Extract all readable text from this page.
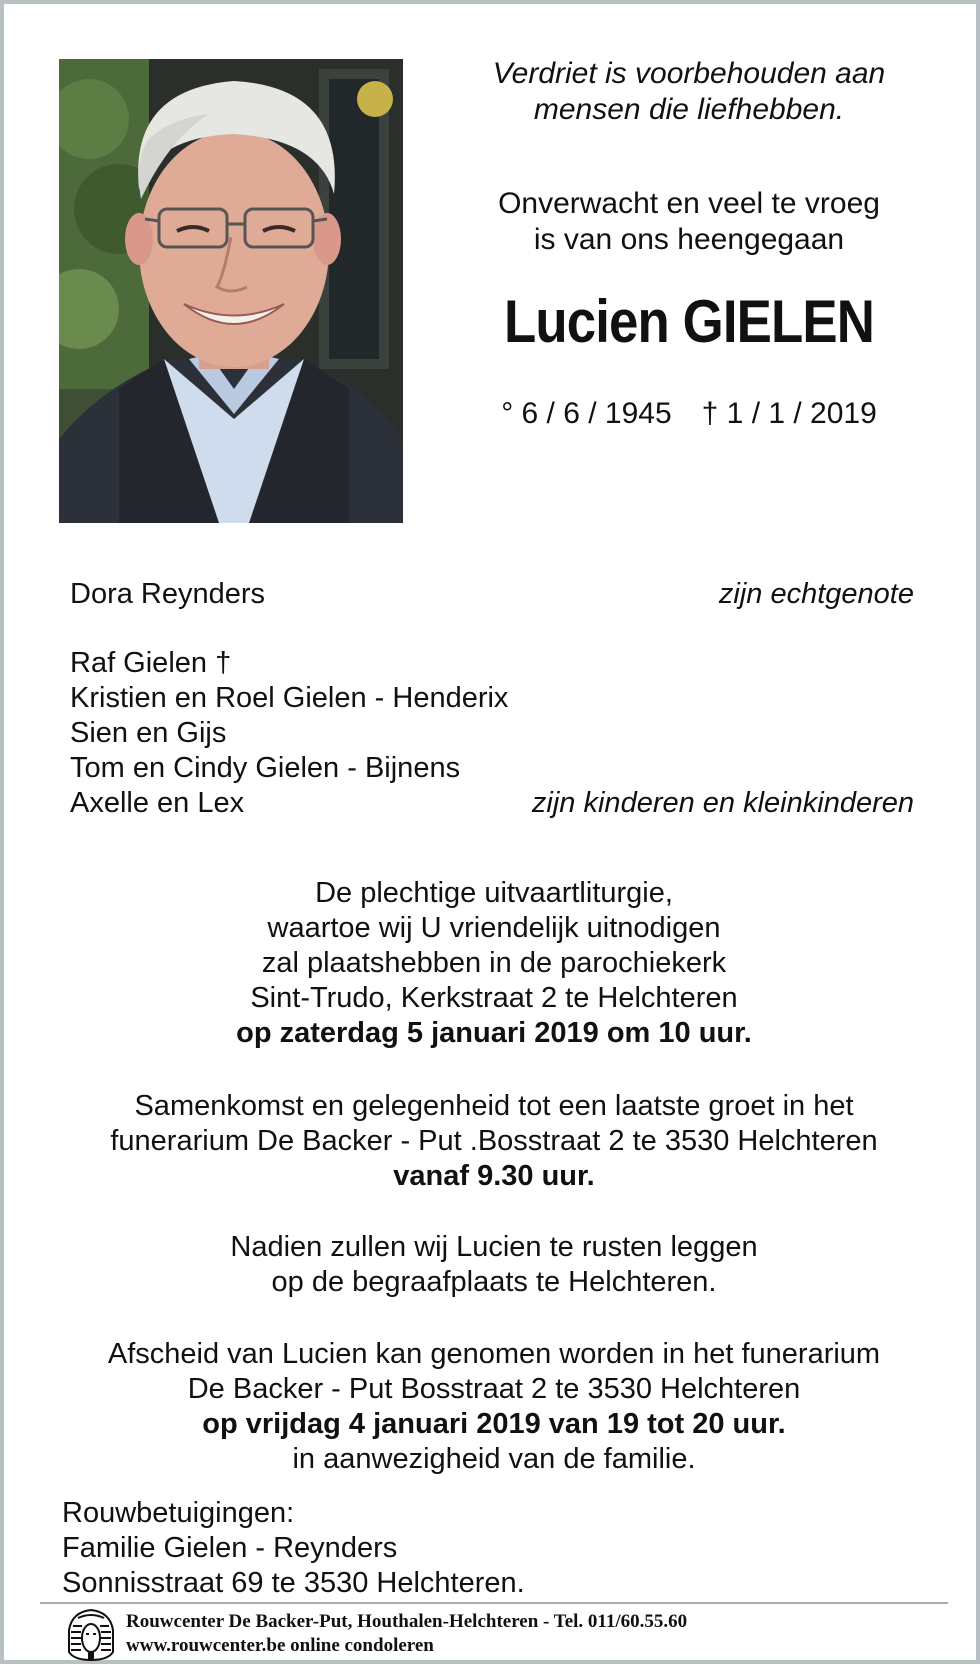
Verdriet is voorbehouden aan
mensen die liefhebben.
Onverwacht en veel te vroeg
is van ons heengegaan
Lucien GIELEN
° 6 / 6 / 1945 † 1 / 1 / 2019
Dora Reynders	zijn echtgenote
Raf Gielen †
Kristien en Roel Gielen - Henderix
Sien en Gijs
Tom en Cindy Gielen - Bijnens
Axelle en Lex	zijn kinderen en kleinkinderen
De plechtige uitvaartliturgie,
waartoe wij U vriendelijk uitnodigen
zal plaatshebben in de parochiekerk
Sint-Trudo, Kerkstraat 2 te Helchteren
op zaterdag 5 januari 2019 om 10 uur.
Samenkomst en gelegenheid tot een laatste groet in het
funerarium De Backer - Put .Bosstraat 2 te 3530 Helchteren
vanaf 9.30 uur.
Nadien zullen wij Lucien te rusten leggen
op de begraafplaats te Helchteren.
Afscheid van Lucien kan genomen worden in het funerarium
De Backer - Put Bosstraat 2 te 3530 Helchteren
op vrijdag 4 januari 2019 van 19 tot 20 uur.
in aanwezigheid van de familie.
Rouwbetuigingen:
Familie Gielen - Reynders
Sonnisstraat 69 te 3530 Helchteren.
Rouwcenter De Backer-Put, Houthalen-Helchteren - Tel. 011/60.55.60
www.rouwcenter.be online condoleren
